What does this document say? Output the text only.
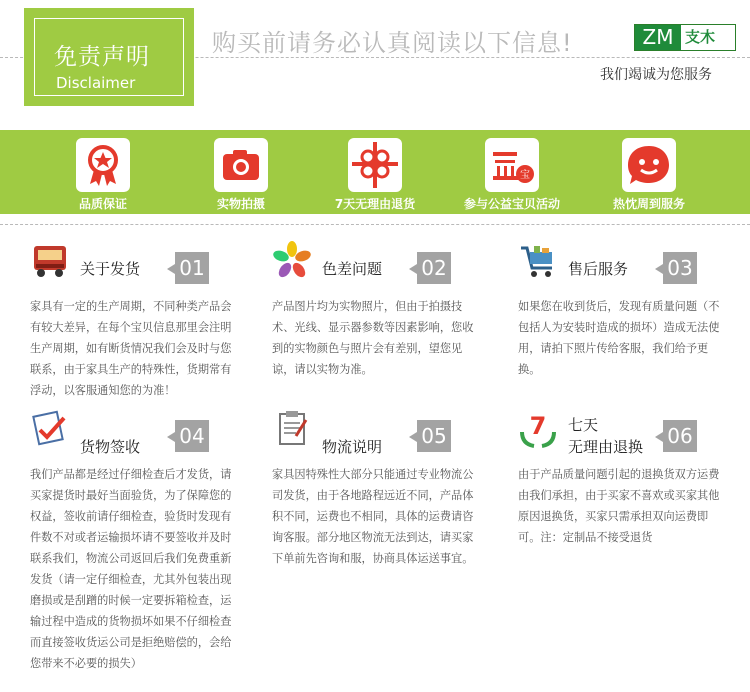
免责声明
Disclaimer
购买前请务必认真阅读以下信息!	ZM 支木
我们竭诚为您服务
品质保证	实物拍摄	7天无理由退货
宝
参与公益宝贝活动	热忱周到服务
关于发货 01
家具有一定的生产周期，不同种类产品会有较大差异，在每个宝贝信息那里会注明生产周期，如有断货情况我们会及时与您联系，由于家具生产的特殊性，货期常有浮动，以客服通知您的为准！
色差问题 02
产品图片均为实物照片，但由于拍摄技术、光线、显示器参数等因素影响，您收到的实物颜色与照片会有差别，望您见谅，请以实物为准。
售后服务 03
如果您在收到货后，发现有质量问题（不包括人为安装时造成的损坏）造成无法使用，请拍下照片传给客服，我们给予更换。
货物签收 04
我们产品都是经过仔细检查后才发货，请买家提货时最好当面验货，为了保障您的权益，签收前请仔细检查，验货时发现有件数不对或者运输损坏请不要签收并及时联系我们，物流公司返回后我们免费重新发货（请一定仔细检查，尤其外包装出现磨损或是刮蹭的时候一定要拆箱检查，运输过程中造成的货物损坏如果不仔细检查而直接签收货运公司是拒绝赔偿的，会给您带来不必要的损失）
物流说明 05
家具因特殊性大部分只能通过专业物流公司发货，由于各地路程远近不同，产品体积不同，运费也不相同，具体的运费请咨询客服。部分地区物流无法到达，请买家下单前先咨询和服，协商具体运送事宜。
7 七天
无理由退换 06
由于产品质量问题引起的退换货双方运费由我们承担，由于买家不喜欢或买家其他原因退换货，买家只需承担双向运费即可。注：定制品不接受退货
